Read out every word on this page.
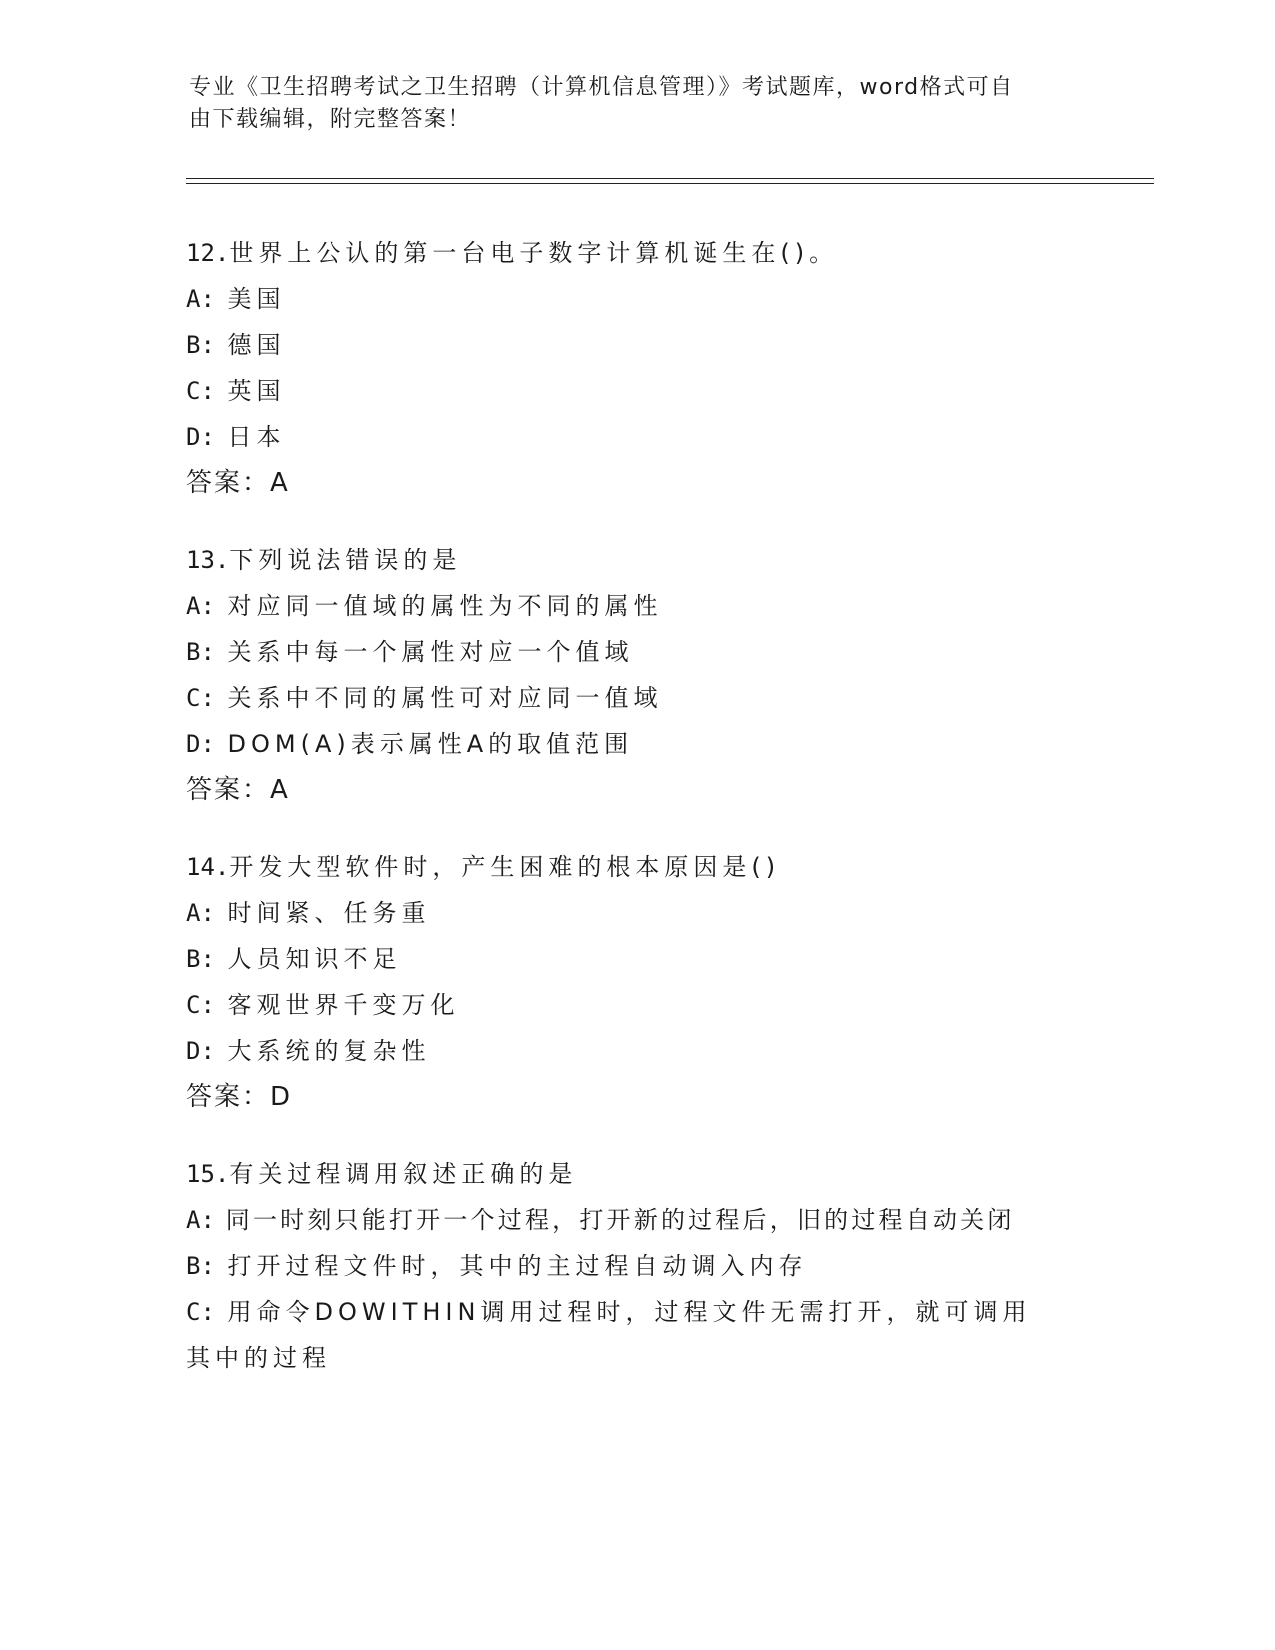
专业《卫生招聘考试之卫生招聘（计算机信息管理）》考试题库，word格式可自
由下载编辑，附完整答案！
12.世界上公认的第一台电子数字计算机诞生在()。
A: 美国
B: 德国
C: 英国
D: 日本
答案：A
13.下列说法错误的是
A: 对应同一值域的属性为不同的属性
B: 关系中每一个属性对应一个值域
C: 关系中不同的属性可对应同一值域
D: DOM(A)表示属性A的取值范围
答案：A
14.开发大型软件时，产生困难的根本原因是()
A: 时间紧、任务重
B: 人员知识不足
C: 客观世界千变万化
D: 大系统的复杂性
答案：D
15.有关过程调用叙述正确的是
A: 同一时刻只能打开一个过程，打开新的过程后，旧的过程自动关闭
B: 打开过程文件时，其中的主过程自动调入内存
C: 用命令DOWITHIN调用过程时，过程文件无需打开，就可调用其中的过程
